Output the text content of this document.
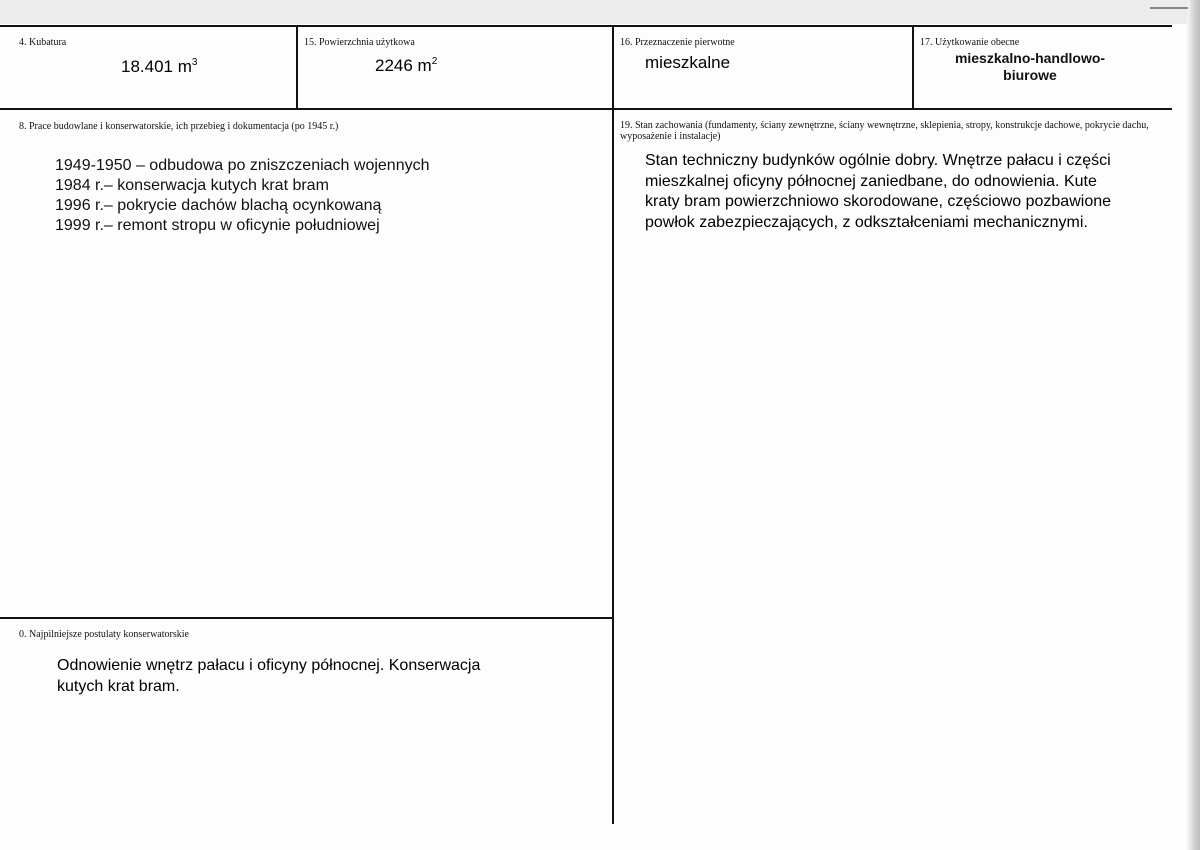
4. Kubatura
18.401 $m^3$
15. Powierzchnia użytkowa
2246 $m^2$
16. Przeznaczenie pierwotne
mieszkalne
17. Użytkowanie obecne
mieszkalno-handlowo-
biurowe
8. Prace budowlane i konserwatorskie, ich przebieg i dokumentacja (po 1945 r.)
1949-1950 – odbudowa po zniszczeniach wojennych
1984 r.– konserwacja kutych krat bram
1996 r.– pokrycie dachów blachą ocynkowaną
1999 r.– remont stropu w oficynie południowej
19. Stan zachowania (fundamenty, ściany zewnętrzne, ściany wewnętrzne, sklepienia, stropy, konstrukcje dachowe, pokrycie dachu, wyposażenie i instalacje)
Stan techniczny budynków ogólnie dobry. Wnętrze pałacu i części mieszkalnej oficyny północnej zaniedbane, do odnowienia. Kute kraty bram powierzchniowo skorodowane, częściowo pozbawione powłok zabezpieczających, z odkształceniami mechanicznymi.
0. Najpilniejsze postulaty konserwatorskie
Odnowienie wnętrz pałacu i oficyny północnej. Konserwacja kutych krat bram.
